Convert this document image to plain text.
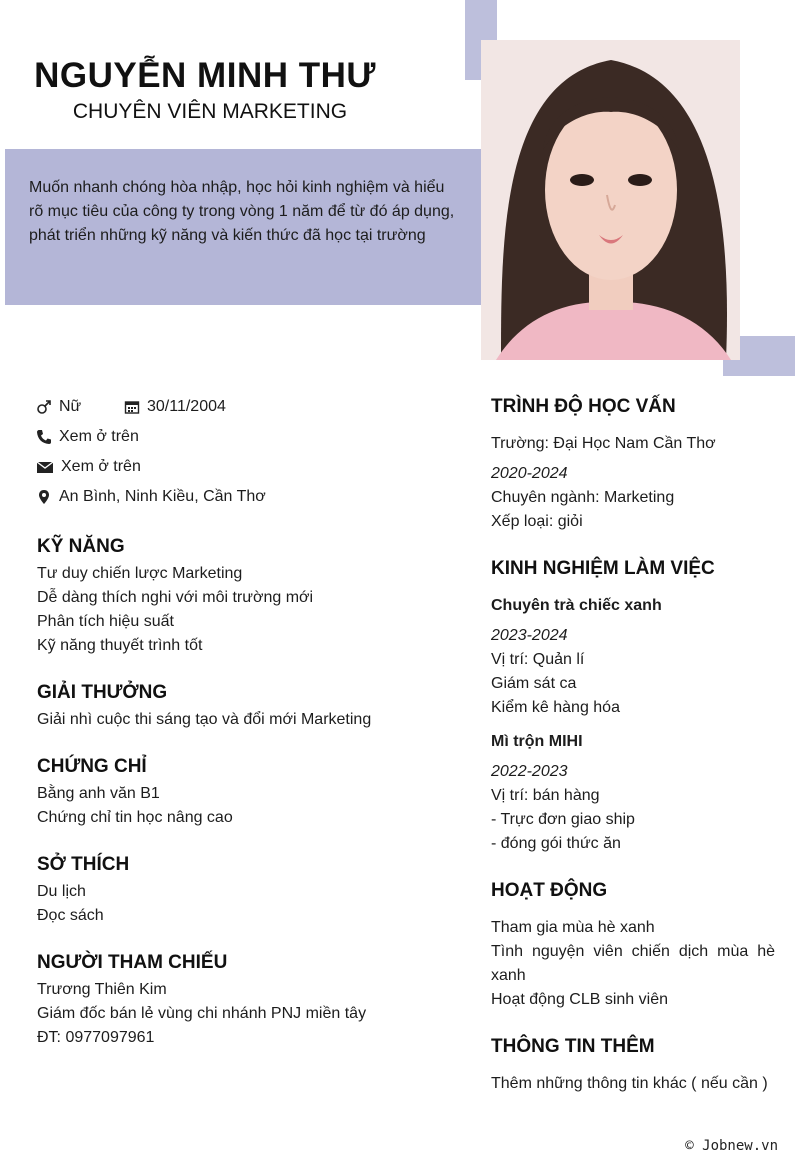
NGUYỄN MINH THƯ
CHUYÊN VIÊN MARKETING
Muốn nhanh chóng hòa nhập, học hỏi kinh nghiệm và hiểu rõ mục tiêu của công ty trong vòng 1 năm để từ đó áp dụng, phát triển những kỹ năng và kiến thức đã học tại trường
Nữ	30/11/2004
Xem ở trên
Xem ở trên
An Bình, Ninh Kiều, Cần Thơ
KỸ NĂNG
Tư duy chiến lược Marketing
Dễ dàng thích nghi với môi trường mới
Phân tích hiệu suất
Kỹ năng thuyết trình tốt
GIẢI THƯỞNG
Giải nhì cuộc thi sáng tạo và đổi mới Marketing
CHỨNG CHỈ
Bằng anh văn B1
Chứng chỉ tin học nâng cao
SỞ THÍCH
Du lịch
Đọc sách
NGƯỜI THAM CHIẾU
Trương Thiên Kim
Giám đốc bán lẻ vùng chi nhánh PNJ miền tây
ĐT: 0977097961
TRÌNH ĐỘ HỌC VẤN
Trường: Đại Học Nam Cần Thơ
2020-2024
Chuyên ngành: Marketing
Xếp loại: giỏi
KINH NGHIỆM LÀM VIỆC
Chuyên trà chiếc xanh
2023-2024
Vị trí: Quản lí
Giám sát ca
Kiểm kê hàng hóa
Mì trộn MIHI
2022-2023
Vị trí: bán hàng
- Trực đơn giao ship
- đóng gói thức ăn
HOẠT ĐỘNG
Tham gia mùa hè xanh
Tình nguyện viên chiến dịch mùa hè xanh
Hoạt động CLB sinh viên
THÔNG TIN THÊM
Thêm những thông tin khác ( nếu cần )
© Jobnew.vn
